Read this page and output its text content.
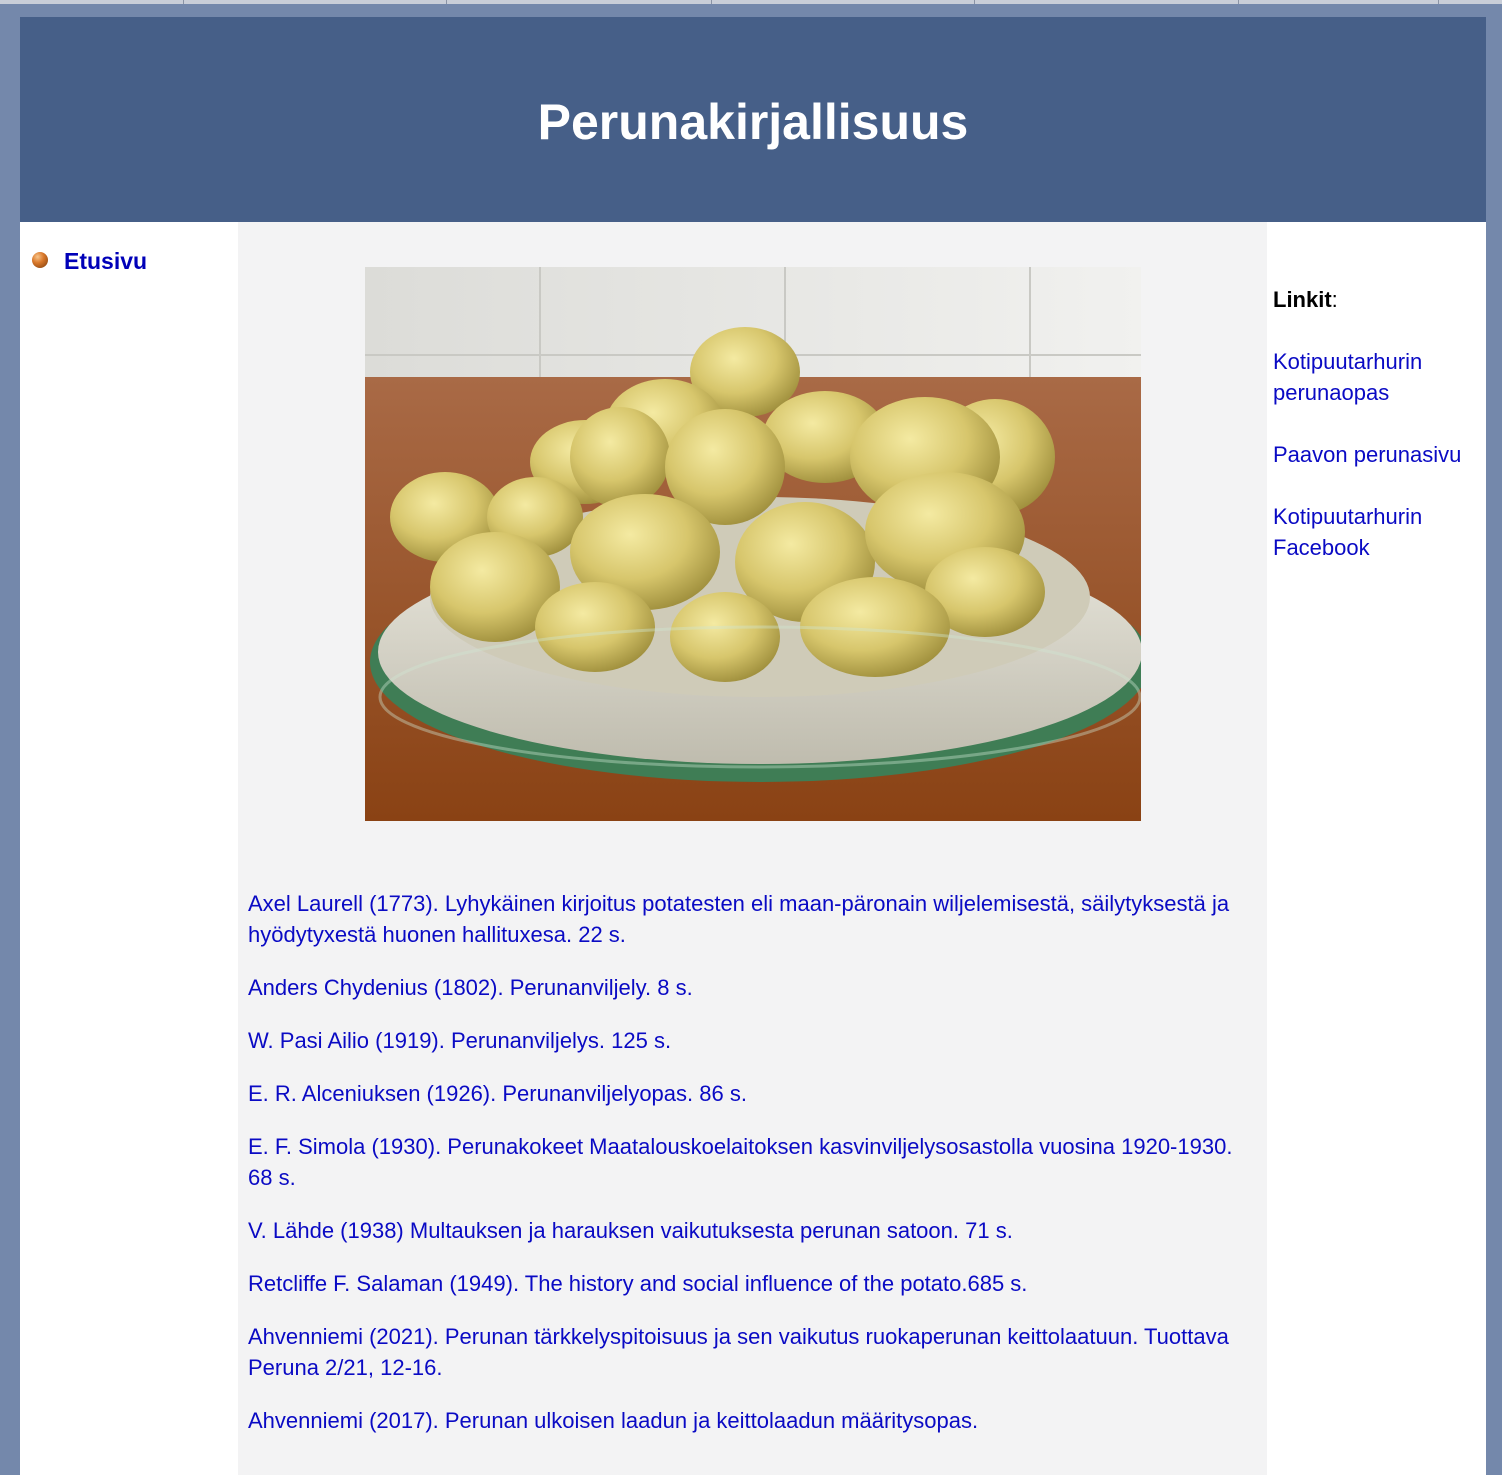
Perunakirjallisuus
Etusivu
Axel Laurell (1773). Lyhykäinen kirjoitus potatesten eli maan-päronain wiljelemisestä, säilytyksestä ja hyödytyxestä huonen hallituxesa. 22 s.
Anders Chydenius (1802). Perunanviljely. 8 s.
W. Pasi Ailio (1919). Perunanviljelys. 125 s.
E. R. Alceniuksen (1926). Perunanviljelyopas. 86 s.
E. F. Simola (1930). Perunakokeet Maatalouskoelaitoksen kasvinviljelysosastolla vuosina 1920-1930. 68 s.
V. Lähde (1938) Multauksen ja harauksen vaikutuksesta perunan satoon. 71 s.
Retcliffe F. Salaman (1949). The history and social influence of the potato.685 s.
Ahvenniemi (2021). Perunan tärkkelyspitoisuus ja sen vaikutus ruokaperunan keittolaatuun. Tuottava Peruna 2/21, 12-16.
Ahvenniemi (2017). Perunan ulkoisen laadun ja keittolaadun määritysopas.
Linkit:
Kotipuutarhurin perunaopas
Paavon perunasivu
Kotipuutarhurin Facebook
